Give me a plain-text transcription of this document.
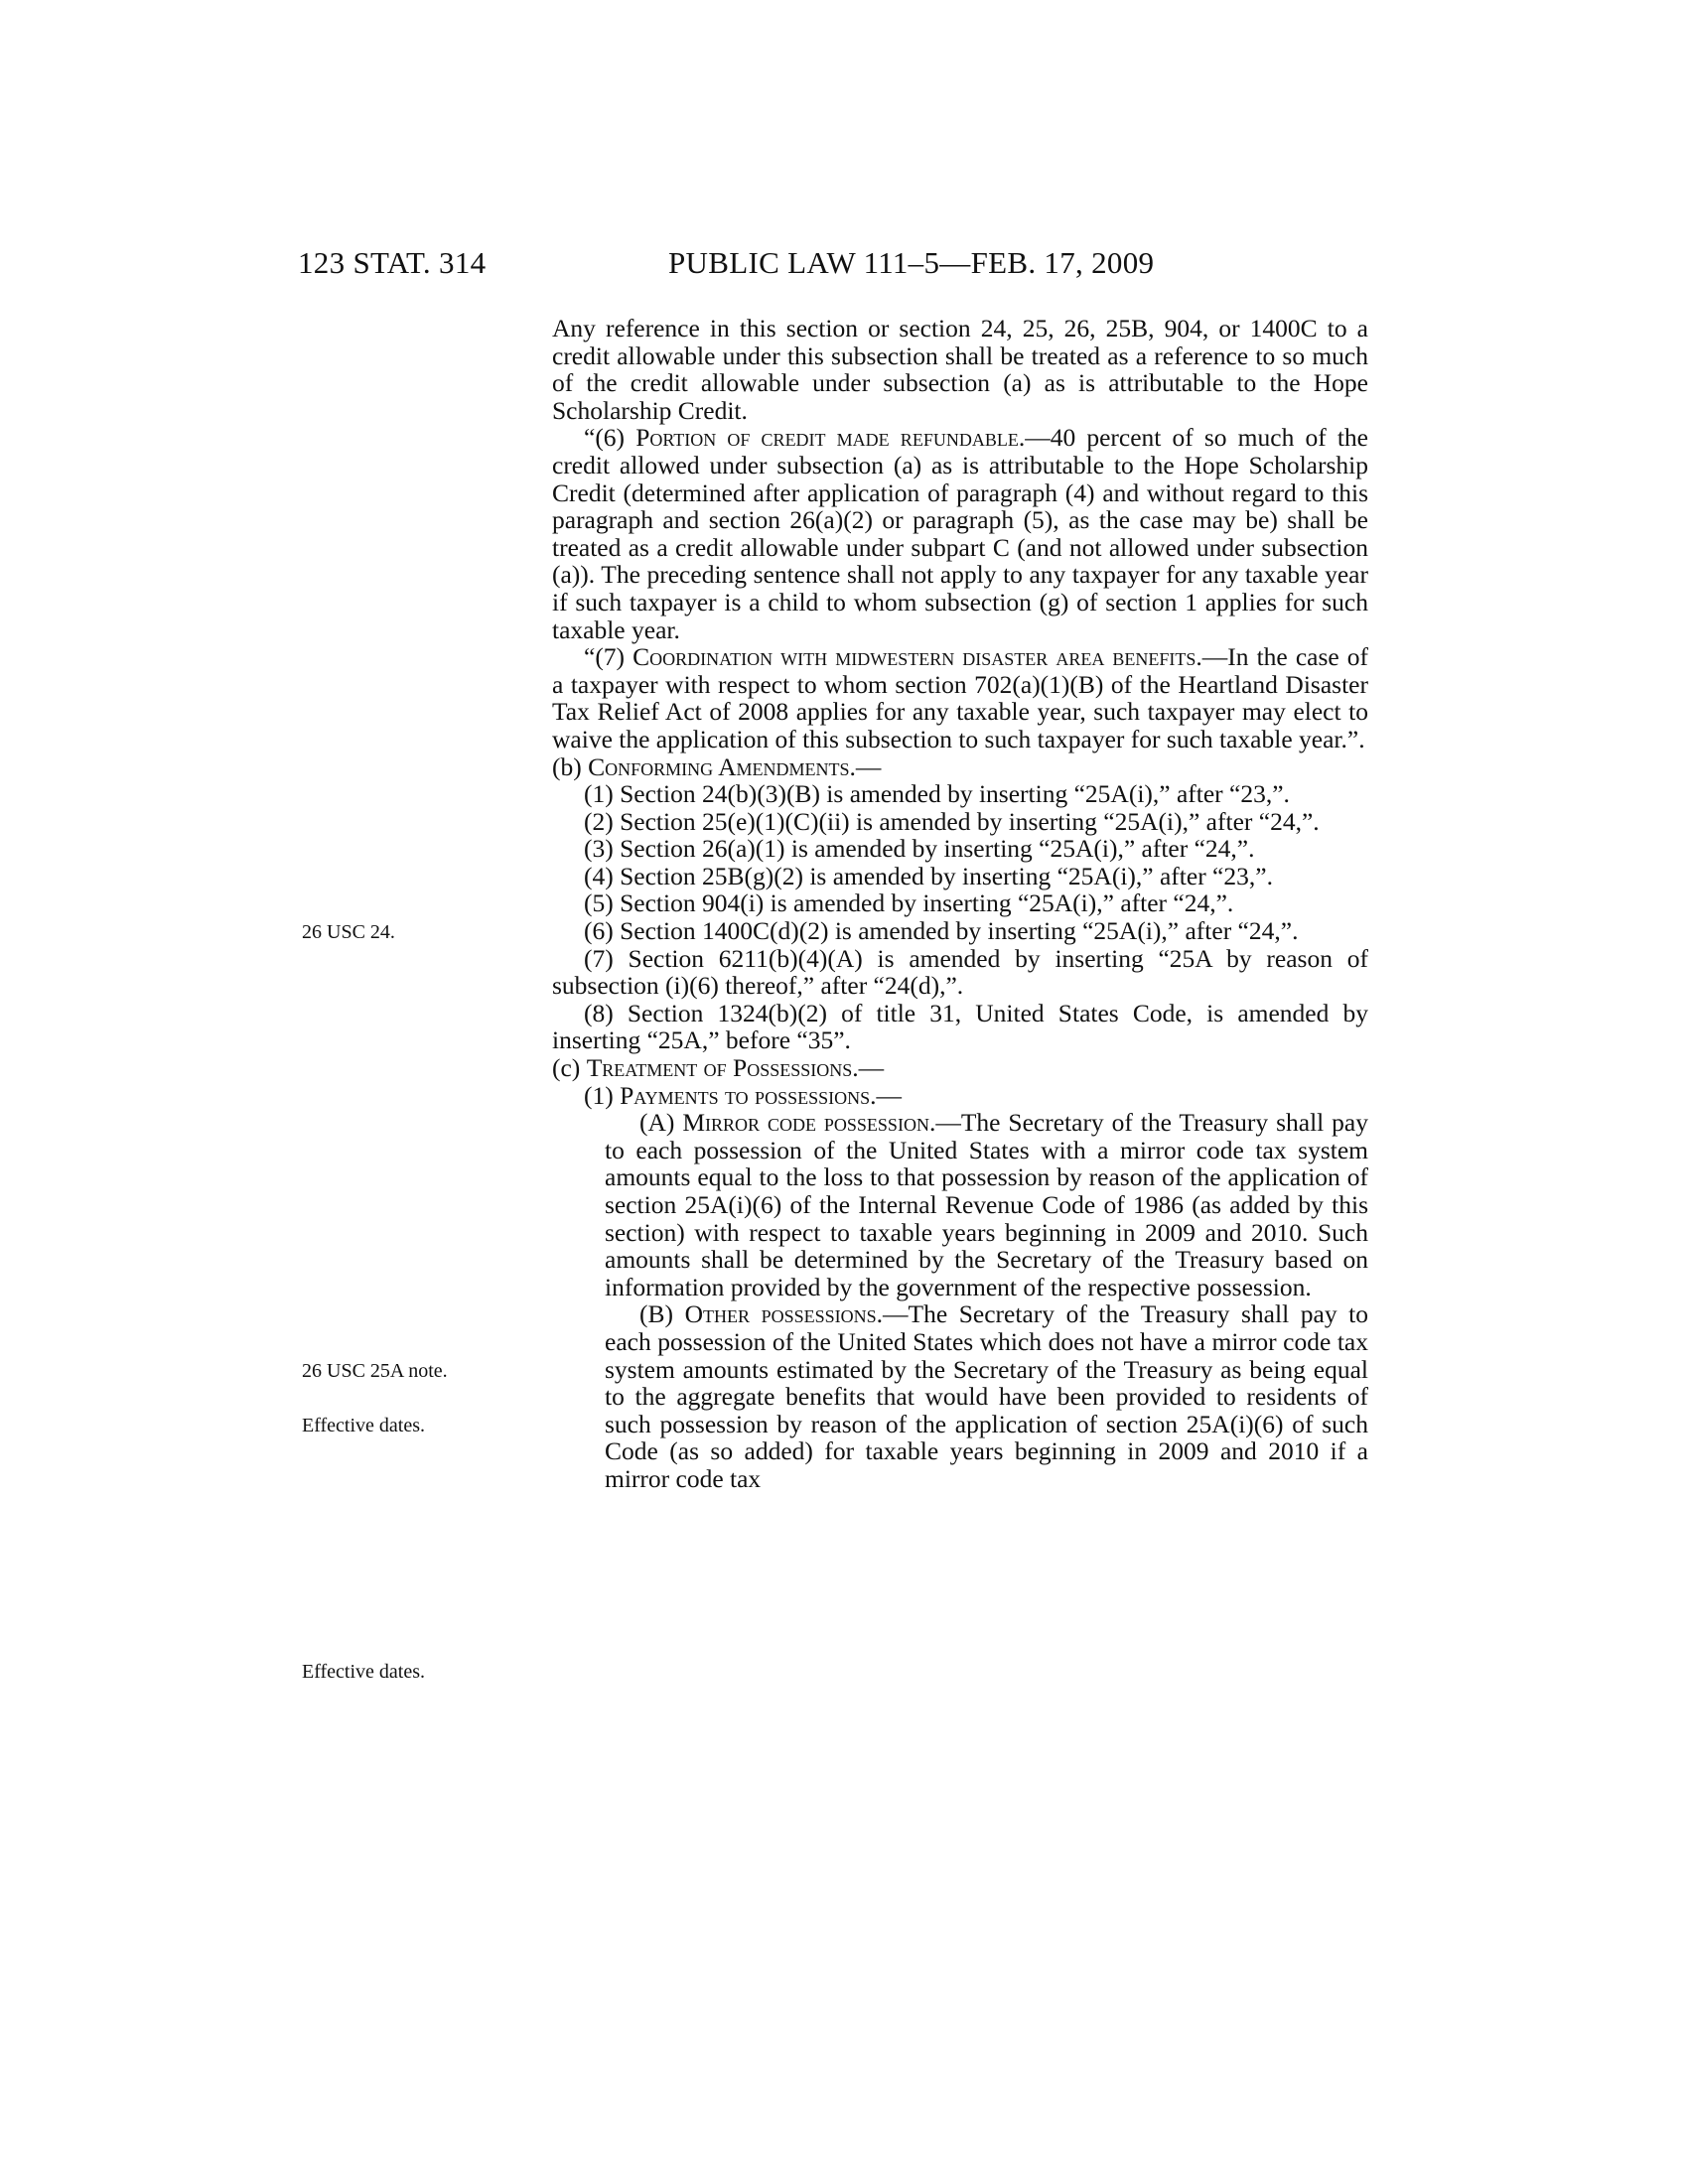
123 STAT. 314	PUBLIC LAW 111–5—FEB. 17, 2009
26 USC 24.
26 USC 25A note.
Effective dates.
Effective dates.

Any reference in this section or section 24, 25, 26, 25B, 904, or 1400C to a credit allowable under this subsection shall be treated as a reference to so much of the credit allowable under subsection (a) as is attributable to the Hope Scholarship Credit.

“(6) Portion of credit made refundable.—40 percent of so much of the credit allowed under subsection (a) as is attributable to the Hope Scholarship Credit (determined after application of paragraph (4) and without regard to this paragraph and section 26(a)(2) or paragraph (5), as the case may be) shall be treated as a credit allowable under subpart C (and not allowed under subsection (a)). The preceding sentence shall not apply to any taxpayer for any taxable year if such taxpayer is a child to whom subsection (g) of section 1 applies for such taxable year.

“(7) Coordination with midwestern disaster area benefits.—In the case of a taxpayer with respect to whom section 702(a)(1)(B) of the Heartland Disaster Tax Relief Act of 2008 applies for any taxable year, such taxpayer may elect to waive the application of this subsection to such taxpayer for such taxable year.”.

(b) Conforming Amendments.—

(1) Section 24(b)(3)(B) is amended by inserting “25A(i),” after “23,”.

(2) Section 25(e)(1)(C)(ii) is amended by inserting “25A(i),” after “24,”.

(3) Section 26(a)(1) is amended by inserting “25A(i),” after “24,”.

(4) Section 25B(g)(2) is amended by inserting “25A(i),” after “23,”.

(5) Section 904(i) is amended by inserting “25A(i),” after “24,”.

(6) Section 1400C(d)(2) is amended by inserting “25A(i),” after “24,”.

(7) Section 6211(b)(4)(A) is amended by inserting “25A by reason of subsection (i)(6) thereof,” after “24(d),”.

(8) Section 1324(b)(2) of title 31, United States Code, is amended by inserting “25A,” before “35”.

(c) Treatment of Possessions.—

(1) Payments to possessions.—

(A) Mirror code possession.—The Secretary of the Treasury shall pay to each possession of the United States with a mirror code tax system amounts equal to the loss to that possession by reason of the application of section 25A(i)(6) of the Internal Revenue Code of 1986 (as added by this section) with respect to taxable years beginning in 2009 and 2010. Such amounts shall be determined by the Secretary of the Treasury based on information provided by the government of the respective possession.

(B) Other possessions.—The Secretary of the Treasury shall pay to each possession of the United States which does not have a mirror code tax system amounts estimated by the Secretary of the Treasury as being equal to the aggregate benefits that would have been provided to residents of such possession by reason of the application of section 25A(i)(6) of such Code (as so added) for taxable years beginning in 2009 and 2010 if a mirror code tax
